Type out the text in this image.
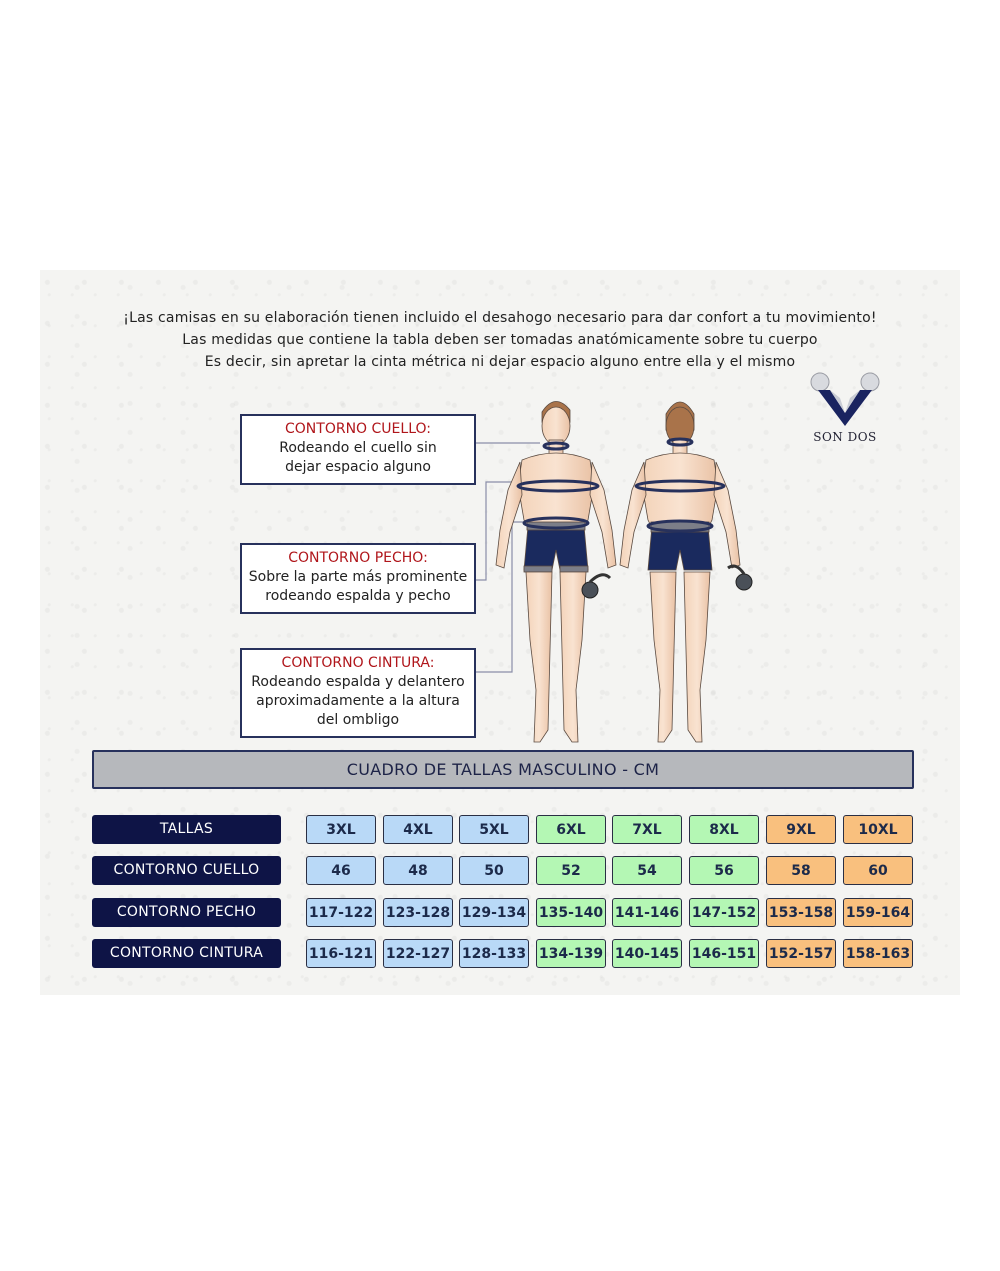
¡Las camisas en su elaboración tienen incluido el desahogo necesario para dar confort a tu movimiento!
Las medidas que contiene la tabla deben ser tomadas anatómicamente sobre tu cuerpo
Es decir, sin apretar la cinta métrica ni dejar espacio alguno entre ella y el mismo
CONTORNO CUELLO:
Rodeando el cuello sin
dejar espacio alguno
CONTORNO PECHO:
Sobre la parte más prominente
rodeando espalda y pecho
CONTORNO CINTURA:
Rodeando espalda y delantero
aproximadamente a la altura
del ombligo
SON DOS
CUADRO DE TALLAS MASCULINO - CM
TALLAS	3XL	4XL	5XL	6XL	7XL	8XL	9XL	10XL
CONTORNO CUELLO	46	48	50	52	54	56	58	60
CONTORNO PECHO	117-122 123-128 129-134 135-140 141-146 147-152 153-158 159-164
CONTORNO CINTURA	116-121 122-127 128-133 134-139 140-145 146-151 152-157 158-163
